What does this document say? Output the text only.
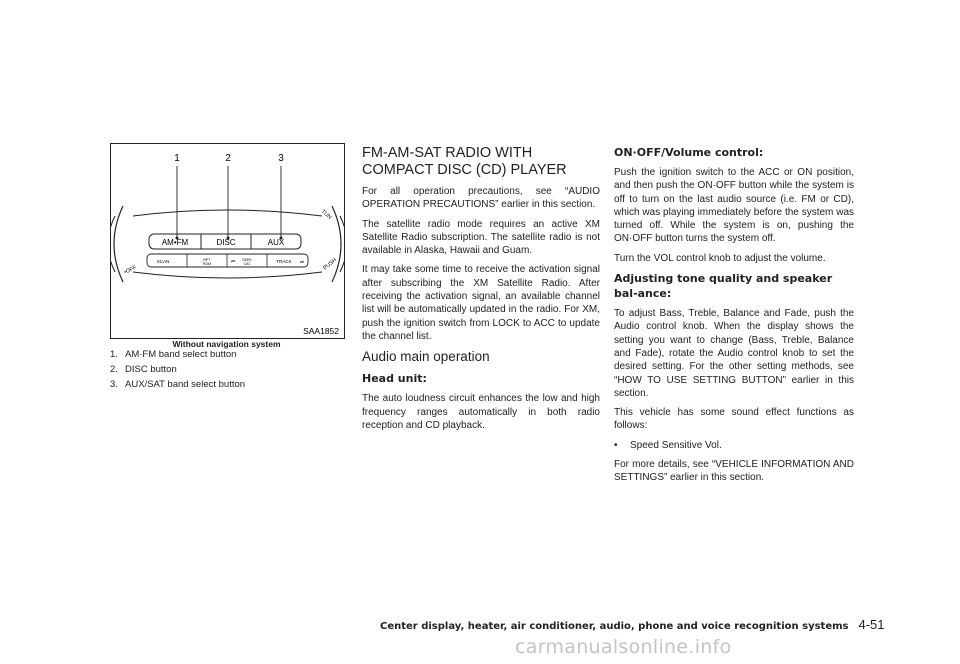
1	2	3
AM•FM	DISC	AUX
SCAN	RPT RDM	⏮ SEEK CAT	TRACK ⏭
•OFF
TUN
PUSH
SAA1852
Without navigation system
1. AM·FM band select button
2. DISC button
3. AUX/SAT band select button
FM-AM-SAT RADIO WITH COMPACT DISC (CD) PLAYER

For all operation precautions, see “AUDIO OPERATION PRECAUTIONS” earlier in this section.

The satellite radio mode requires an active XM Satellite Radio subscription. The satellite radio is not available in Alaska, Hawaii and Guam.

It may take some time to receive the activation signal after subscribing the XM Satellite Radio. After receiving the activation signal, an available channel list will be automatically updated in the radio. For XM, push the ignition switch from LOCK to ACC to update the channel list.

Audio main operation
Head unit:

The auto loudness circuit enhances the low and high frequency ranges automatically in both radio reception and CD playback.

ON·OFF/Volume control:

Push the ignition switch to the ACC or ON position, and then push the ON·OFF button while the system is off to turn on the last audio source (i.e. FM or CD), which was playing immediately before the system was turned off. While the system is on, pushing the ON·OFF button turns the system off.

Turn the VOL control knob to adjust the volume.

Adjusting tone quality and speaker bal-ance:

To adjust Bass, Treble, Balance and Fade, push the Audio control knob. When the display shows the setting you want to change (Bass, Treble, Balance and Fade), rotate the Audio control knob to set the desired setting. For the other setting methods, see “HOW TO USE SETTING BUTTON” earlier in this section.

This vehicle has some sound effect functions as follows:

•	Speed Sensitive Vol.

For more details, see “VEHICLE INFORMATION AND SETTINGS” earlier in this section.

Center display, heater, air conditioner, audio, phone and voice recognition systems 4-51
carmanualsonline.info
